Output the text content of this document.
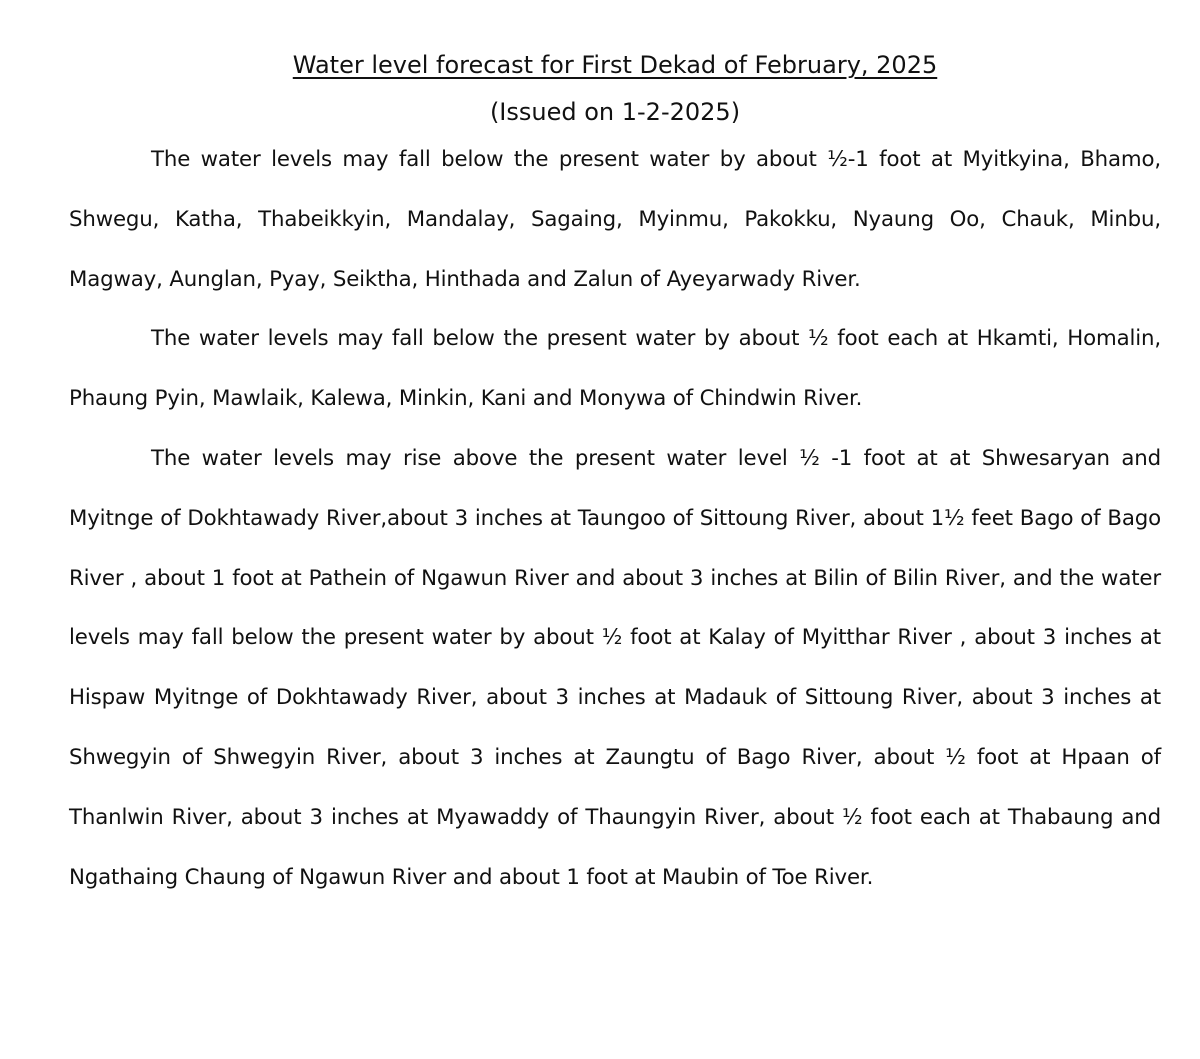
Water level forecast for First Dekad of February, 2025
(Issued on 1-2-2025)

The water levels may fall below the present water by about ½-1 foot at Myitkyina, Bhamo, Shwegu, Katha, Thabeikkyin, Mandalay, Sagaing, Myinmu, Pakokku, Nyaung Oo, Chauk, Minbu, Magway, Aunglan, Pyay, Seiktha, Hinthada and Zalun of Ayeyarwady River.

The water levels may fall below the present water by about ½ foot each at Hkamti, Homalin, Phaung Pyin, Mawlaik, Kalewa, Minkin, Kani and Monywa of Chindwin River.

The water levels may rise above the present water level ½ -1 foot at at Shwesaryan and Myitnge of Dokhtawady River,about 3 inches at Taungoo of Sittoung River, about 1½ feet Bago of Bago River , about 1 foot at Pathein of Ngawun River and about 3 inches at Bilin of Bilin River, and the water levels may fall below the present water by about ½ foot at Kalay of Myitthar River , about 3 inches at Hispaw Myitnge of Dokhtawady River, about 3 inches at Madauk of Sittoung River, about 3 inches at Shwegyin of Shwegyin River, about 3 inches at Zaungtu of Bago River, about ½ foot at Hpaan of Thanlwin River, about 3 inches at Myawaddy of Thaungyin River, about ½ foot each at Thabaung and Ngathaing Chaung of Ngawun River and about 1 foot at Maubin of Toe River.
